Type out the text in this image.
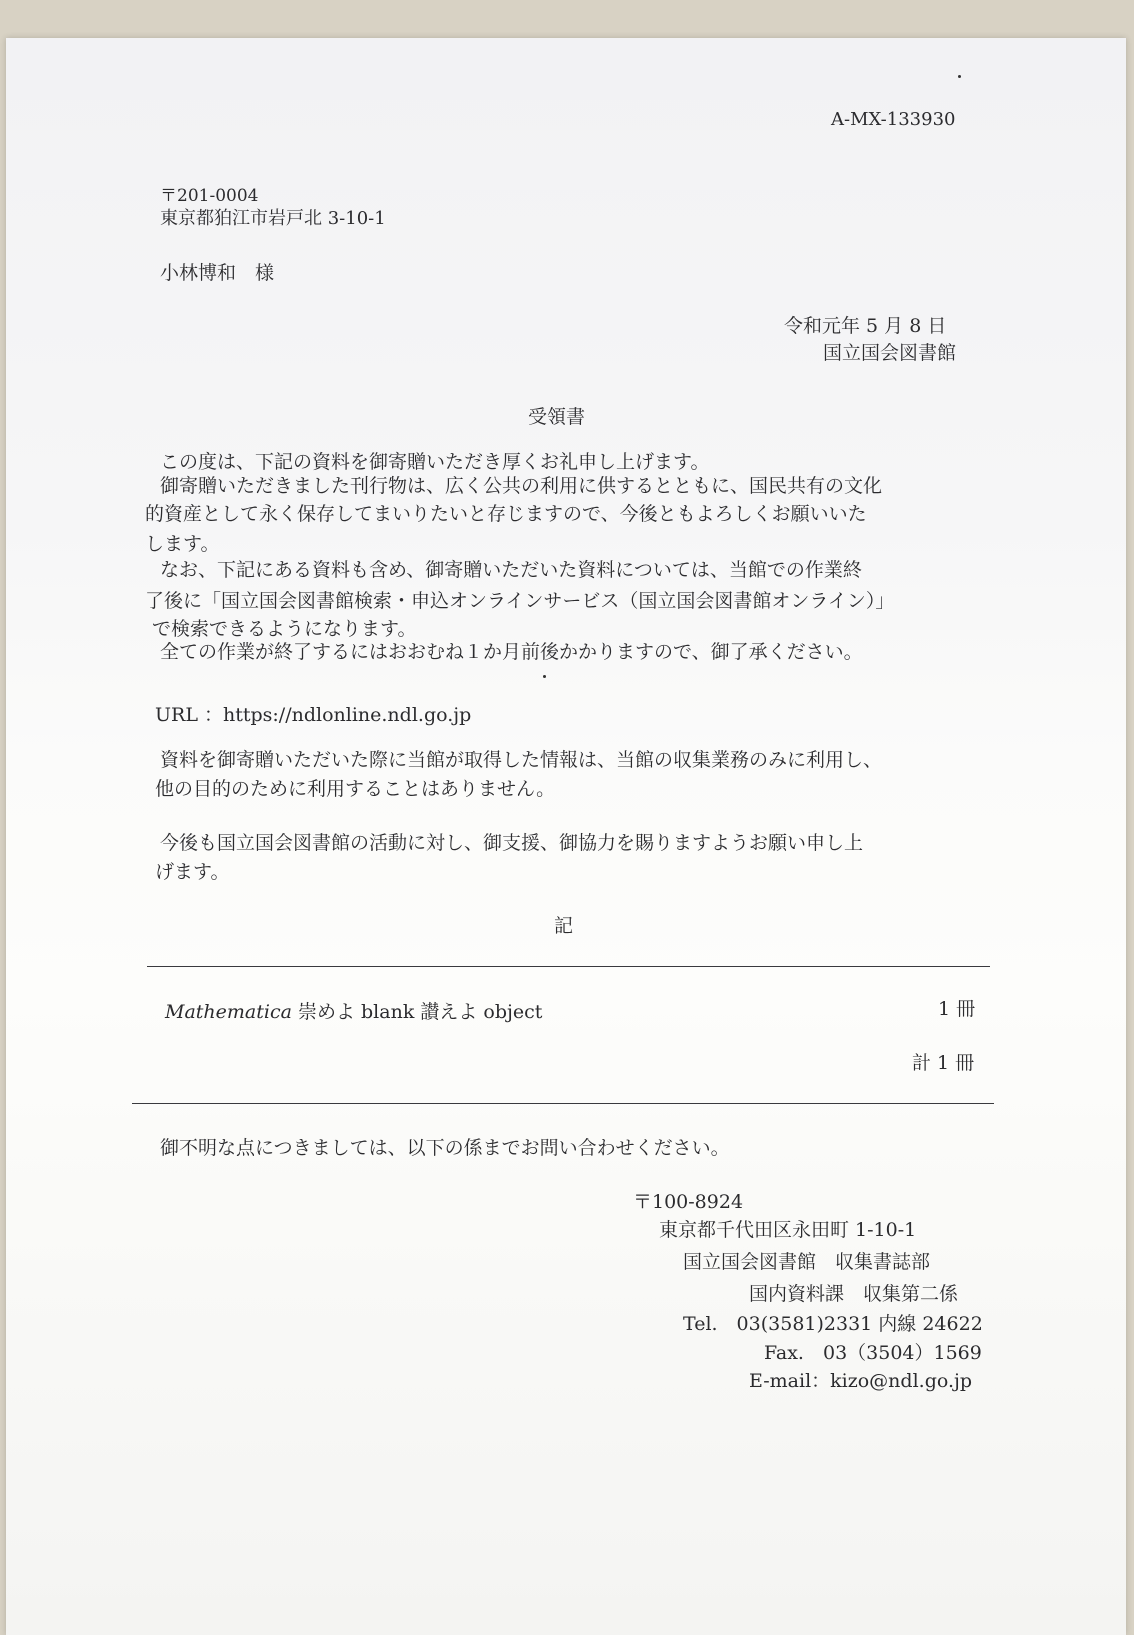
A-MX-133930
〒201-0004
東京都狛江市岩戸北 3-10-1
小林博和　様
令和元年 5 月 8 日
国立国会図書館
受領書
この度は、下記の資料を御寄贈いただき厚くお礼申し上げます。
御寄贈いただきました刊行物は、広く公共の利用に供するとともに、国民共有の文化
的資産として永く保存してまいりたいと存じますので、今後ともよろしくお願いいた
します。
なお、下記にある資料も含め、御寄贈いただいた資料については、当館での作業終
了後に「国立国会図書館検索・申込オンラインサービス（国立国会図書館オンライン）」
で検索できるようになります。
全ての作業が終了するにはおおむね１か月前後かかりますので、御了承ください。
URL ：https://ndlonline.ndl.go.jp
資料を御寄贈いただいた際に当館が取得した情報は、当館の収集業務のみに利用し、
他の目的のために利用することはありません。
今後も国立国会図書館の活動に対し、御支援、御協力を賜りますようお願い申し上
げます。
記
Mathematica 崇めよ blank 讃えよ object	1 冊
計 1 冊
御不明な点につきましては、以下の係までお問い合わせください。
〒100-8924
東京都千代田区永田町 1-10-1
国立国会図書館　収集書誌部
国内資料課　収集第二係
Tel.　03(3581)2331 内線 24622
Fax.　03（3504）1569
E-mail：kizo@ndl.go.jp
